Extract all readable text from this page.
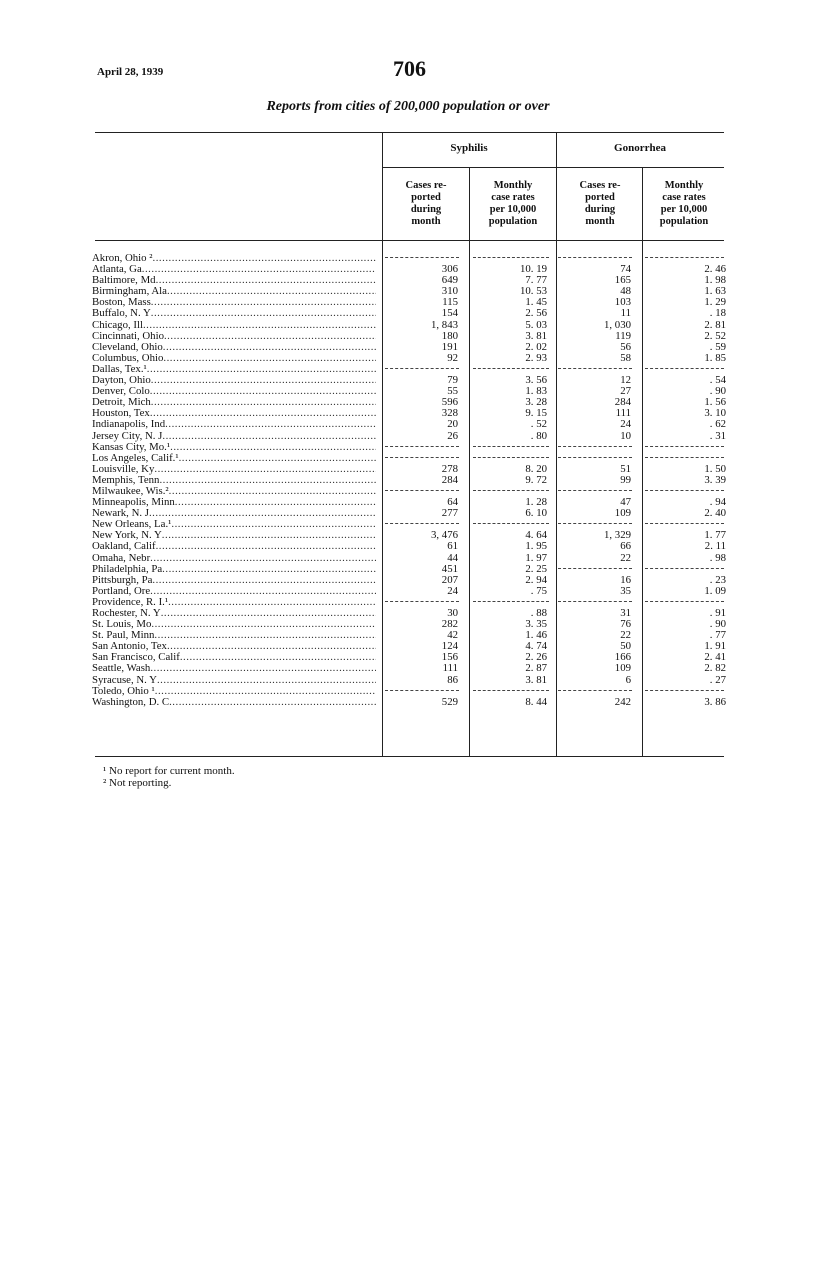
April 28, 1939	706
Reports from cities of 200,000 population or over
Syphilis	Gonorrhea
Cases re-
ported
during
month
Monthly
case rates
per 10,000
population
Cases re-
ported
during
month
Monthly
case rates
per 10,000
population
Akron, Ohio ² .....
Atlanta, Ga .....	306	10. 19	74	2. 46
Baltimore, Md .....	649	7. 77	165	1. 98
Birmingham, Ala .....	310	10. 53	48	1. 63
Boston, Mass .....	115	1. 45	103	1. 29
Buffalo, N. Y .....	154	2. 56	11	. 18
Chicago, Ill .....	1, 843	5. 03	1, 030	2. 81
Cincinnati, Ohio .....	180	3. 81	119	2. 52
Cleveland, Ohio .....	191	2. 02	56	. 59
Columbus, Ohio .....	92	2. 93	58	1. 85
Dallas, Tex.¹ .....
Dayton, Ohio .....	79	3. 56	12	. 54
Denver, Colo .....	55	1. 83	27	. 90
Detroit, Mich .....	596	3. 28	284	1. 56
Houston, Tex .....	328	9. 15	111	3. 10
Indianapolis, Ind .....	20	. 52	24	. 62
Jersey City, N. J .....	26	. 80	10	. 31
Kansas City, Mo.¹ .....
Los Angeles, Calif.¹ .....
Louisville, Ky .....	278	8. 20	51	1. 50
Memphis, Tenn .....	284	9. 72	99	3. 39
Milwaukee, Wis.² .....
Minneapolis, Minn .....	64	1. 28	47	. 94
Newark, N. J .....	277	6. 10	109	2. 40
New Orleans, La.¹ .....
New York, N. Y .....	3, 476	4. 64	1, 329	1. 77
Oakland, Calif .....	61	1. 95	66	2. 11
Omaha, Nebr .....	44	1. 97	22	. 98
Philadelphia, Pa .....	451	2. 25
Pittsburgh, Pa .....	207	2. 94	16	. 23
Portland, Ore .....	24	. 75	35	1. 09
Providence, R. I.¹ .....
Rochester, N. Y .....	30	. 88	31	. 91
St. Louis, Mo .....	282	3. 35	76	. 90
St. Paul, Minn .....	42	1. 46	22	. 77
San Antonio, Tex .....	124	4. 74	50	1. 91
San Francisco, Calif .....	156	2. 26	166	2. 41
Seattle, Wash .....	111	2. 87	109	2. 82
Syracuse, N. Y .....	86	3. 81	6	. 27
Toledo, Ohio ¹ .....
Washington, D. C .....	529	8. 44	242	3. 86
¹ No report for current month.
² Not reporting.
